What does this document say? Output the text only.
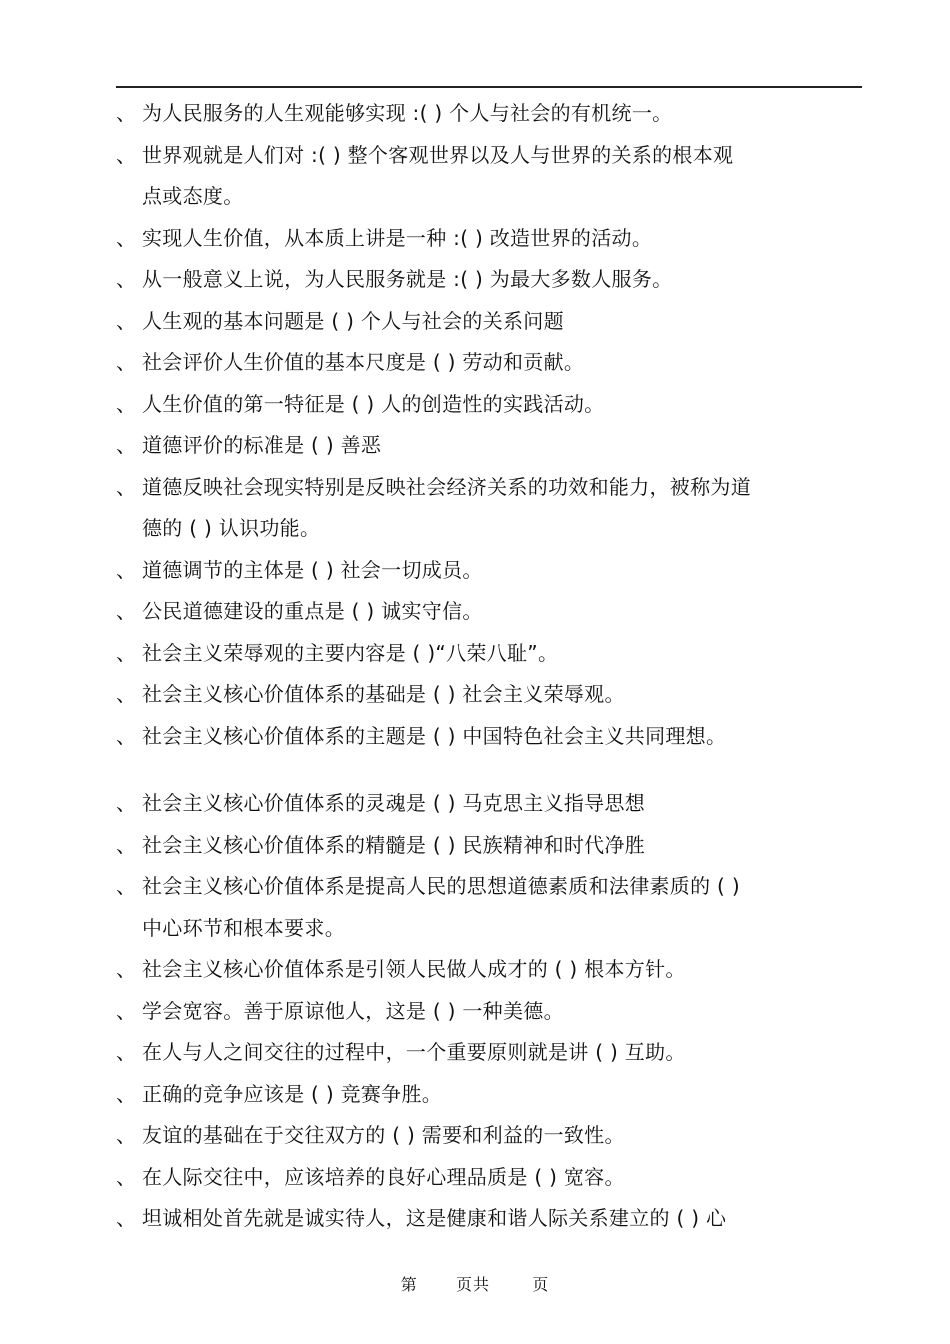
、 为人民服务的人生观能够实现 :( ) 个人与社会的有机统一。
、 世界观就是人们对 :( ) 整个客观世界以及人与世界的关系的根本观
点或态度。
、 实现人生价值，从本质上讲是一种 :( ) 改造世界的活动。
、 从一般意义上说，为人民服务就是 :( ) 为最大多数人服务。
、 人生观的基本问题是 ( ) 个人与社会的关系问题
、 社会评价人生价值的基本尺度是 ( ) 劳动和贡献。
、 人生价值的第一特征是 ( ) 人的创造性的实践活动。
、 道德评价的标准是 ( ) 善恶
、 道德反映社会现实特别是反映社会经济关系的功效和能力，被称为道
德的 ( ) 认识功能。
、 道德调节的主体是 ( ) 社会一切成员。
、 公民道德建设的重点是 ( ) 诚实守信。
、 社会主义荣辱观的主要内容是 ( )“八荣八耻”。
、 社会主义核心价值体系的基础是 ( ) 社会主义荣辱观。
、 社会主义核心价值体系的主题是 ( ) 中国特色社会主义共同理想。
、 社会主义核心价值体系的灵魂是 ( ) 马克思主义指导思想
、 社会主义核心价值体系的精髓是 ( ) 民族精神和时代净胜
、 社会主义核心价值体系是提高人民的思想道德素质和法律素质的 ( )
中心环节和根本要求。
、 社会主义核心价值体系是引领人民做人成才的 ( ) 根本方针。
、 学会宽容。善于原谅他人，这是 ( ) 一种美德。
、 在人与人之间交往的过程中，一个重要原则就是讲 ( ) 互助。
、 正确的竞争应该是 ( ) 竞赛争胜。
、 友谊的基础在于交往双方的 ( ) 需要和利益的一致性。
、 在人际交往中，应该培养的良好心理品质是 ( ) 宽容。
、 坦诚相处首先就是诚实待人，这是健康和谐人际关系建立的 ( ) 心
第 页共	页
